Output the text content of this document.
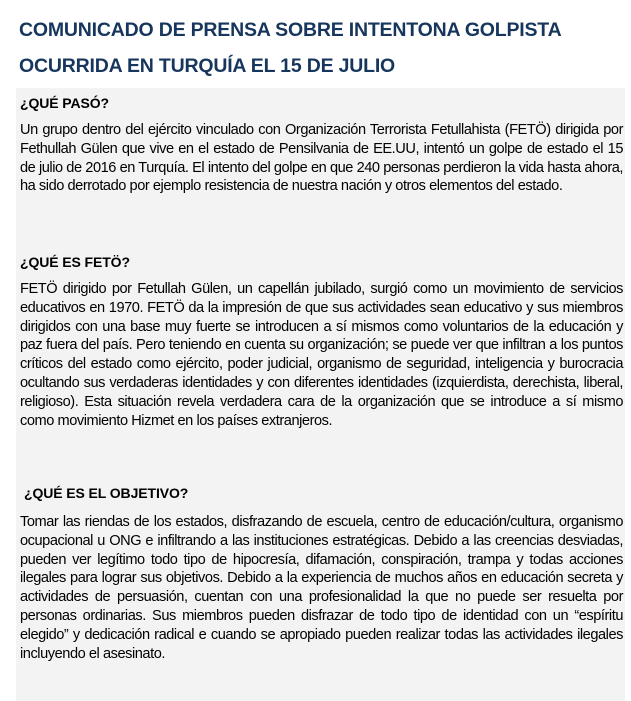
COMUNICADO DE PRENSA SOBRE INTENTONA GOLPISTA
OCURRIDA EN TURQUÍA EL 15 DE JULIO
¿QUÉ PASÓ?

Un grupo dentro del ejército vinculado con Organización Terrorista Fetullahista (FETÖ) dirigida por Fethullah Gülen que vive en el estado de Pensilvania de EE.UU, intentó un golpe de estado el 15 de julio de 2016 en Turquía. El intento del golpe en que 240 personas perdieron la vida hasta ahora, ha sido derrotado por ejemplo resistencia de nuestra nación y otros elementos del estado.

¿QUÉ ES FETÖ?

FETÖ dirigido por Fetullah Gülen, un capellán jubilado, surgió como un movimiento de servicios educativos en 1970. FETÖ da la impresión de que sus actividades sean educativo y sus miembros dirigidos con una base muy fuerte se introducen a sí mismos como voluntarios de la educación y paz fuera del país. Pero teniendo en cuenta su organización; se puede ver que infiltran a los puntos críticos del estado como ejército, poder judicial, organismo de seguridad, inteligencia y burocracia ocultando sus verdaderas identidades y con diferentes identidades (izquierdista, derechista, liberal, religioso). Esta situación revela verdadera cara de la organización que se introduce a sí mismo como movimiento Hizmet en los países extranjeros.

¿QUÉ ES EL OBJETIVO?

Tomar las riendas de los estados, disfrazando de escuela, centro de educación/cultura, organismo ocupacional u ONG e infiltrando a las instituciones estratégicas. Debido a las creencias desviadas, pueden ver legítimo todo tipo de hipocresía, difamación, conspiración, trampa y todas acciones ilegales para lograr sus objetivos. Debido a la experiencia de muchos años en educación secreta y actividades de persuasión, cuentan con una profesionalidad la que no puede ser resuelta por personas ordinarias. Sus miembros pueden disfrazar de todo tipo de identidad con un “espíritu elegido” y dedicación radical e cuando se apropiado pueden realizar todas las actividades ilegales incluyendo el asesinato.
